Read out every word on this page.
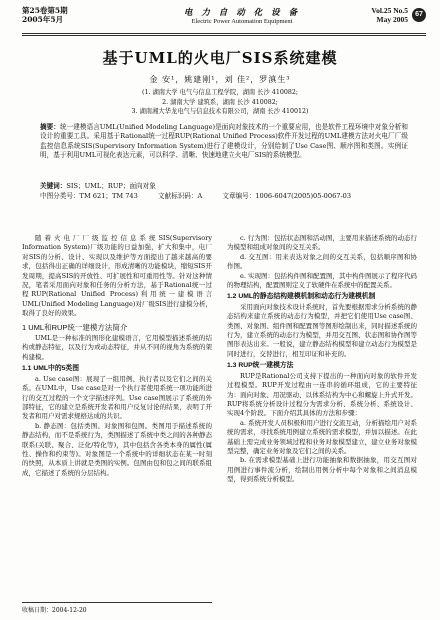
第25卷第5期
2005年5月
电 力 自 动 化 设 备
Electric Power Automation Equipment
Vol.25 No.5
May 2005
67
基于UML的火电厂SIS系统建模
金 安¹，姚建刚¹，刘 佳²，罗滇生³
(1. 湖南大学 电气与信息工程学院，湖南 长沙 410082;
2. 湖南大学 建筑系，湖南 长沙 410082;
3. 湖南湘大华龙电气与信息技术有限公司，湖南 长沙 410012)
摘要：统一建模语言UML(Unified Modeling Language)是面向对象技术的一个重要应用，也是软件工程环境中对象分析和设计的重要工具。采用基于Rational统一过程RUP(Rational Unified Process)软件开发过程的UML建模方法对火电厂厂级监控信息系统SIS(Supervisory Information System)进行了建模设计，分别给制了Use Case图、顺序图和类图。实例证明，基于利用UML可视化表达元素，可以科学、清晰、快速地建立火电厂SIS的系统模型。
关键词：SIS；UML；RUP；面向对象
中图分类号：TM 621；TM 743	文献标识码：A	文章编号：1006-6047(2005)05-0067-03

随着火电厂厂级监控信息系统SIS(Supervisory Information System)厂级功能的日益加强，扩大和集中，电厂对SIS的分析、设计、实现以及维护等方面提出了越来越高的要求，包括得出正确的详细设计，形成清晰的功能模块，缩短SIS开发周期，提高SIS的开放性、可扩展性和可重用性等。针对这种情况，笔者采用面向对象和任务的分析方法，基于Rational统一过程RUP(Rational Unified Process)利用统一建模语言UML(Unified Modeling Language)对厂级SIS进行建模分析，取得了良好的效果。

1 UML和RUP统一建模方法简介

UML是一种标准的图形化建模语言，它用模型描述系统的结构或静态特征，以及行为或动态特征，并从不同的视角为系统的架构建模。

1.1 UML中的5类图

a. Use case图：展现了一组用例、执行者以及它们之间的关系。在UML中，Use case是对一个执行者使用系统一项功能所进行的交互过程的一个文字描述序列。Use case图展示了系统的外部特征，它的建立是系统开发者和用户反复讨论的结果，表明了开发者和用户对需求规格达成的共识。

b. 静态图：包括类图、对象图和包图。类图用于描述系统的静态结构，而不是系统行为，类图描述了系统中类之间的各种静态联系(关联、聚合、泛化/特化等)，其中包括含各类本身的属性(属性、操作和约束等)。对象图是一个系统中的详细状态在某一时刻的快照，从本质上讲就是类图的实例。包图由包和包之间的联系组成，它描述了系统的分层结构。

c. 行为图：包括状态图和活动图，主要用来描述系统的动态行为模型和组成对象间的交互关系。

d. 交互图：用来表达对象之间的交互关系，包括顺序图和协作图。

e. 实现图：包括构件图和配置图，其中构件图展示了程序代码的物理结构，配置图则定义了软硬件在系统中的配置关系。

1.2 UML的静态结构建模机制和动态行为建模机制

采用面向对象技术设计系统时，首先要根据需求分析系统的静态结构来建立系统的动态行为模型，并把它们使用Use case图、类图、对象图、组件图和配置图等图形绘制出来，同时描述系统的行为，建立系统的动态行为模型，并用交互图、状态图和协作图等图形表达出来。一般说，建立静态结构模型和建立动态行为模型是同时进行，交替进行，相互印证和补充的。

1.3 RUP统一建模方法

RUP是Rational公司支持下提出的一种面向对象的软件开发过程模型。RUP开发过程由一连串的循环组成，它的主要特征为：面向对象、用况驱动、以体系结构为中心和螺旋上升式开发。RUP将系统分析设计过程分为需求分析、系统分析、系统设计、实现4个阶段。下面介绍其具体的方法和步骤：

a. 系统开发人员积极和用户进行交流互动，分析描绘用户对系统的需求，寻找系统用例建立系统的需求模型，并加以描述。在此基础上需完成业务领域过程和业务对象模型建立，建立业务对象模型完整，确定业务对象及它们之间的关系。

b. 在需求模型基础上进行功能抽象和数据抽象，用交互图对用例进行事件流分析，绘制出用例分析中每个对象和之间消息模型，得到系统分析模型。

收稿日期：2004-12-20
